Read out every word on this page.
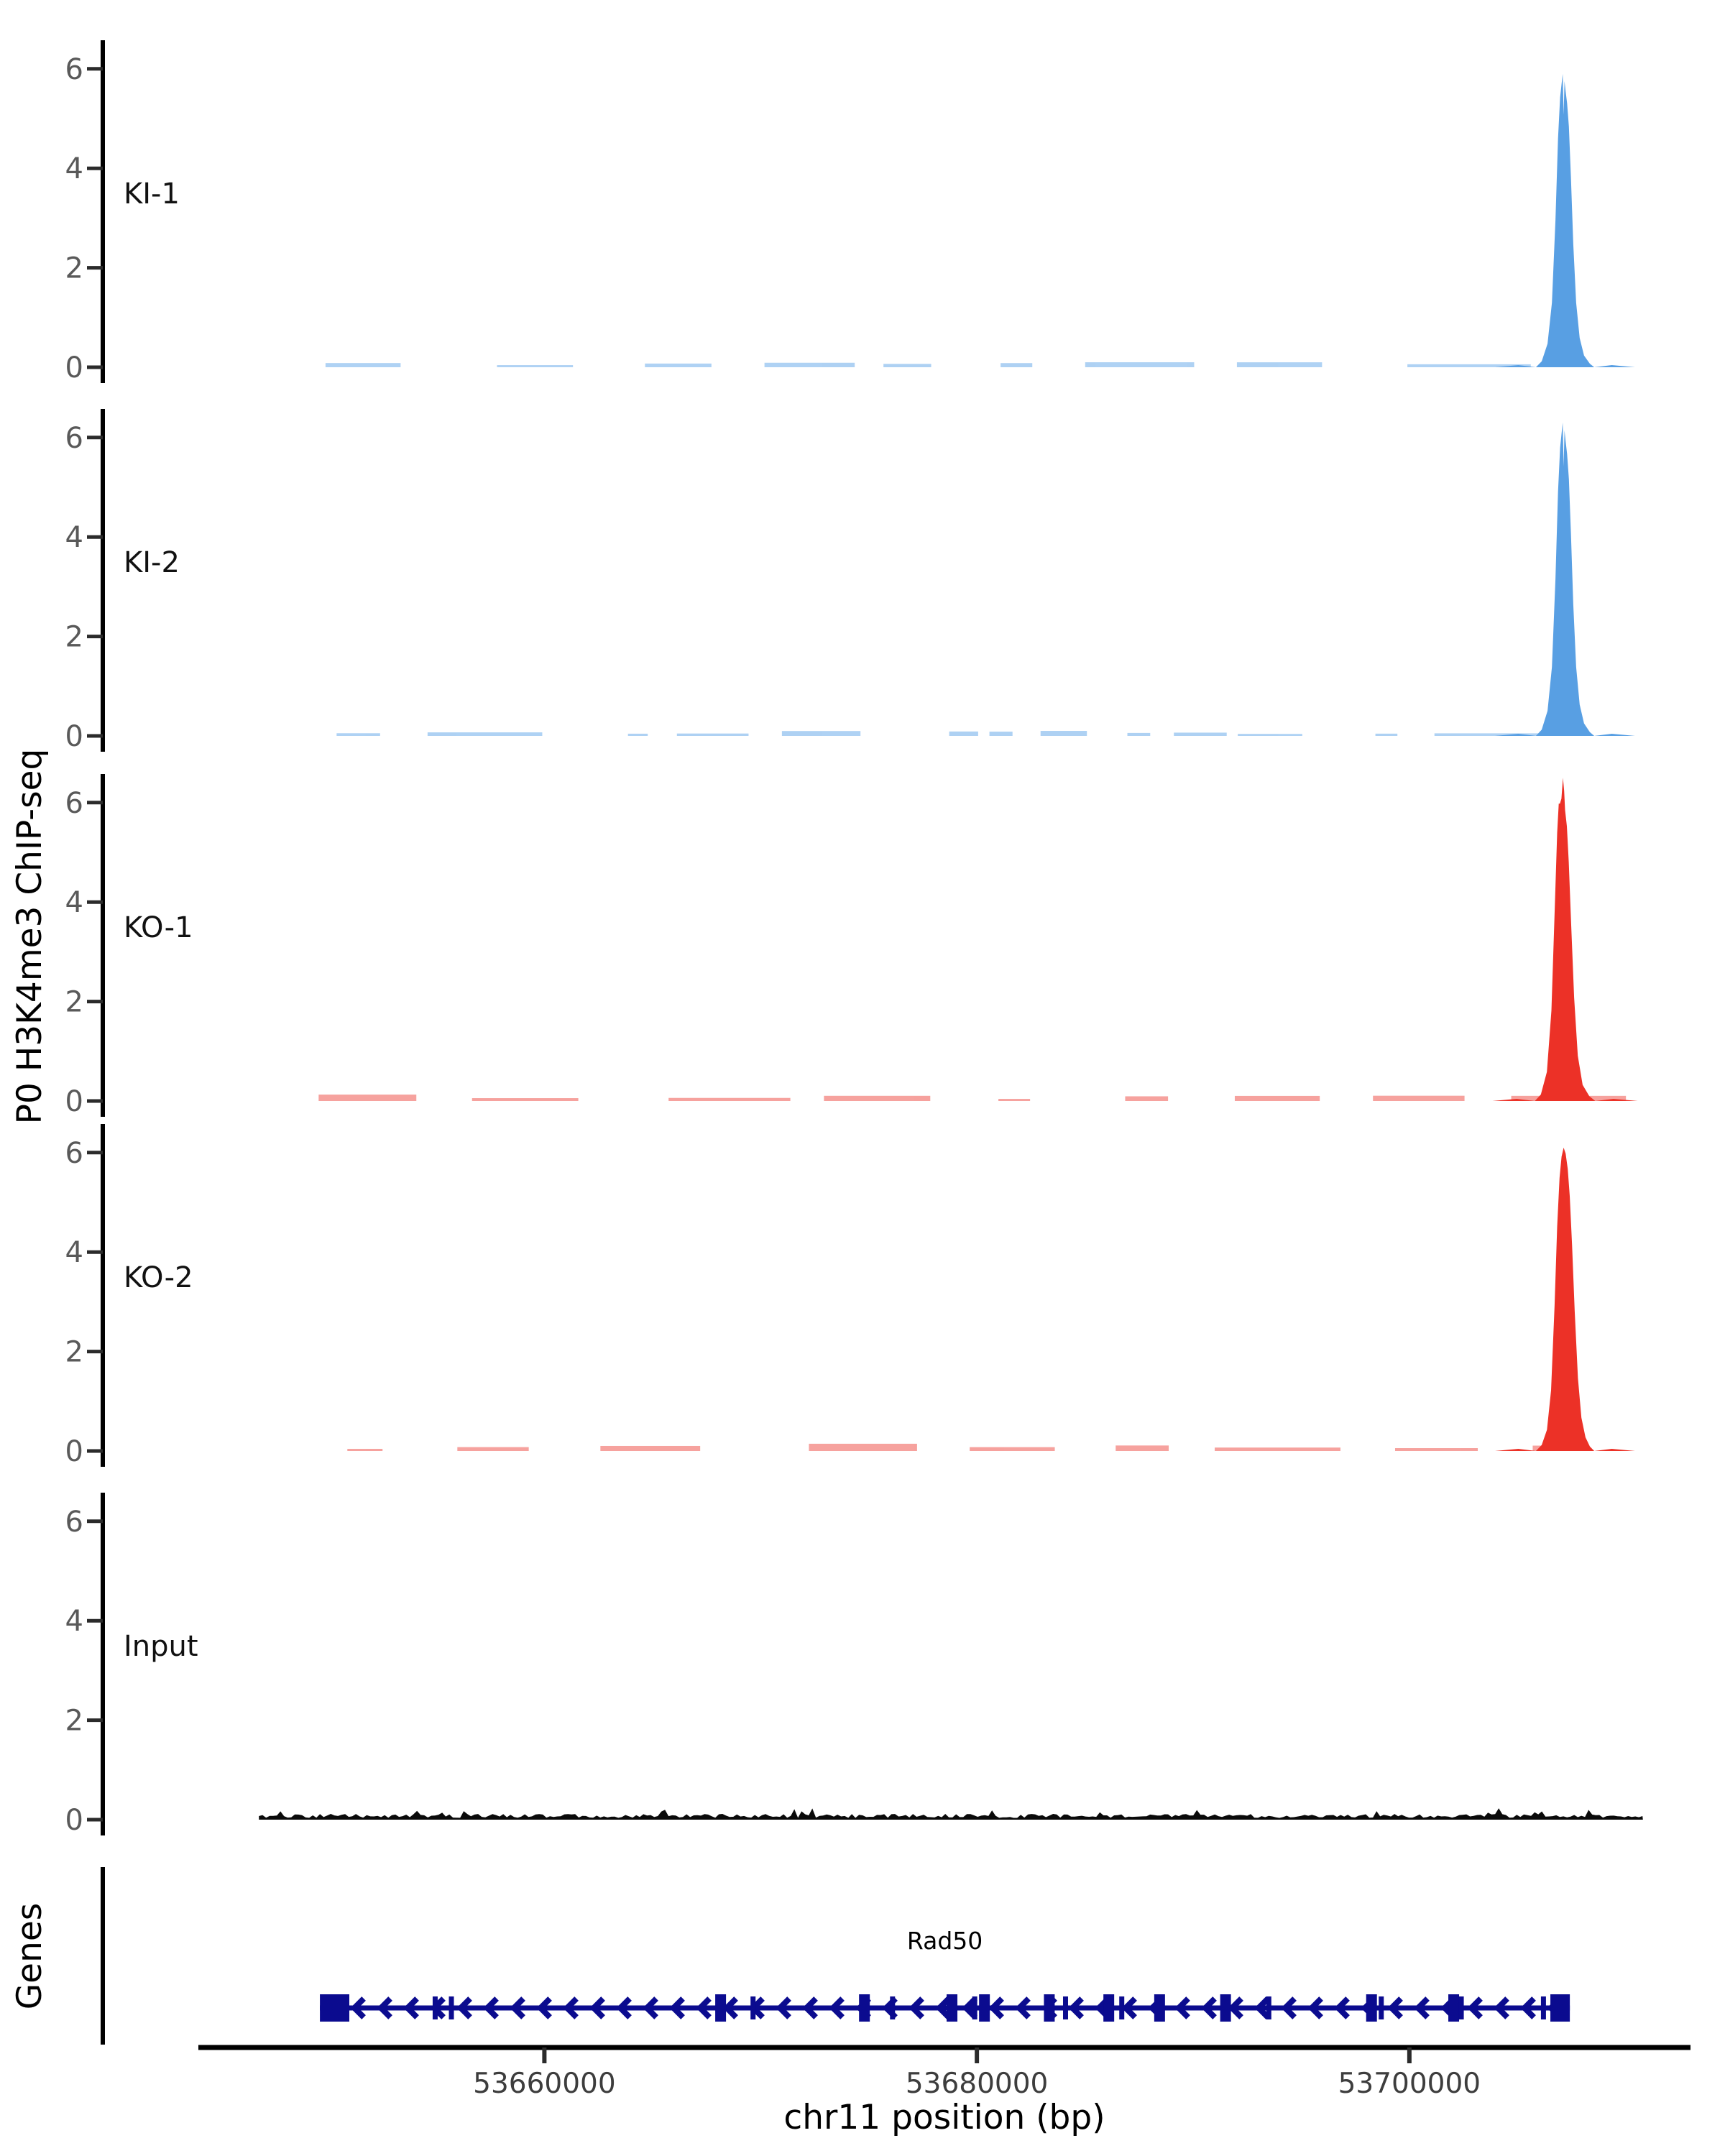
6
4
2
0
KI-1
6
4
2
0
KI-2
6
4
2
0
KO-1
6
4
2
0
KO-2
6
4
2
0
Input
P0 H3K4me3 ChIP-seq
Genes	Rad50
53660000	53680000	53700000
chr11 position (bp)
